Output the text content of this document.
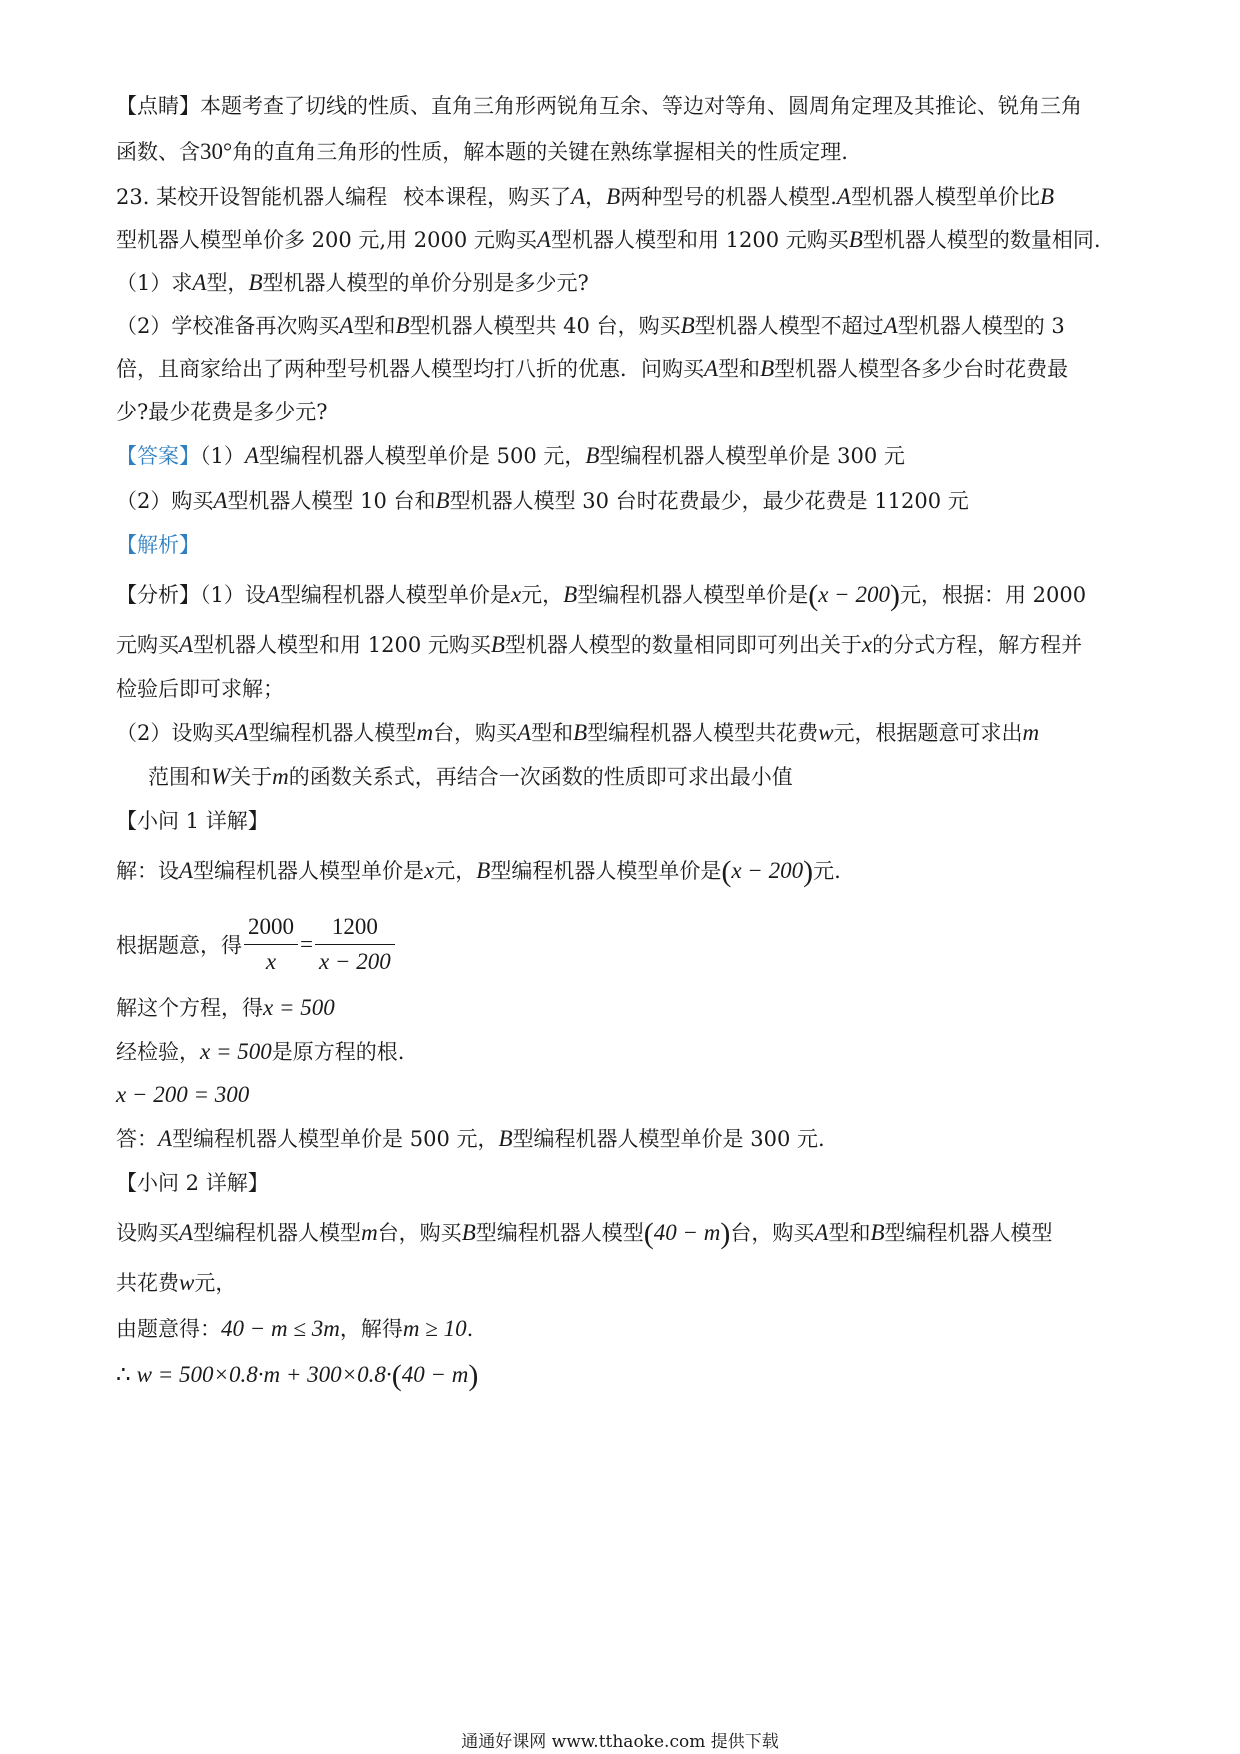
【点睛】本题考查了切线的性质、直角三角形两锐角互余、等边对等角、圆周角定理及其推论、锐角三角
函数、含30°角的直角三角形的性质，解本题的关键在熟练掌握相关的性质定理.
23. 某校开设智能机器人编程 校本课程，购买了A，B两种型号的机器人模型.A型机器人模型单价比B
型机器人模型单价多 200 元,用 2000 元购买A型机器人模型和用 1200 元购买B型机器人模型的数量相同.
（1）求A型，B型机器人模型的单价分别是多少元?
（2）学校准备再次购买A型和B型机器人模型共 40 台，购买B型机器人模型不超过A型机器人模型的 3
倍，且商家给出了两种型号机器人模型均打八折的优惠．问购买A型和B型机器人模型各多少台时花费最
少?最少花费是多少元?
【答案】（1）A型编程机器人模型单价是 500 元，B型编程机器人模型单价是 300 元
（2）购买A型机器人模型 10 台和B型机器人模型 30 台时花费最少，最少花费是 11200 元
【解析】
【分析】（1）设A型编程机器人模型单价是x元，B型编程机器人模型单价是(x − 200)元，根据：用 2000
元购买A型机器人模型和用 1200 元购买B型机器人模型的数量相同即可列出关于x的分式方程，解方程并
检验后即可求解；
（2）设购买A型编程机器人模型m台，购买A型和B型编程机器人模型共花费w元，根据题意可求出m
范围和W关于m的函数关系式，再结合一次函数的性质即可求出最小值
【小问 1 详解】
解：设A型编程机器人模型单价是x元，B型编程机器人模型单价是(x − 200)元.
根据题意，得 $\frac{2000}{x} = \frac{1200}{x - 200}$
解这个方程，得x = 500
经检验，x = 500是原方程的根.
x − 200 = 300
答：A型编程机器人模型单价是 500 元，B型编程机器人模型单价是 300 元.
【小问 2 详解】
设购买A型编程机器人模型m台，购买B型编程机器人模型(40 − m)台，购买A型和B型编程机器人模型
共花费w元，
由题意得：40 − m ≤ 3m，解得m ≥ 10.
∴ w = 500×0.8·m + 300×0.8·(40 − m)
通通好课网 www.tthaoke.com 提供下载
